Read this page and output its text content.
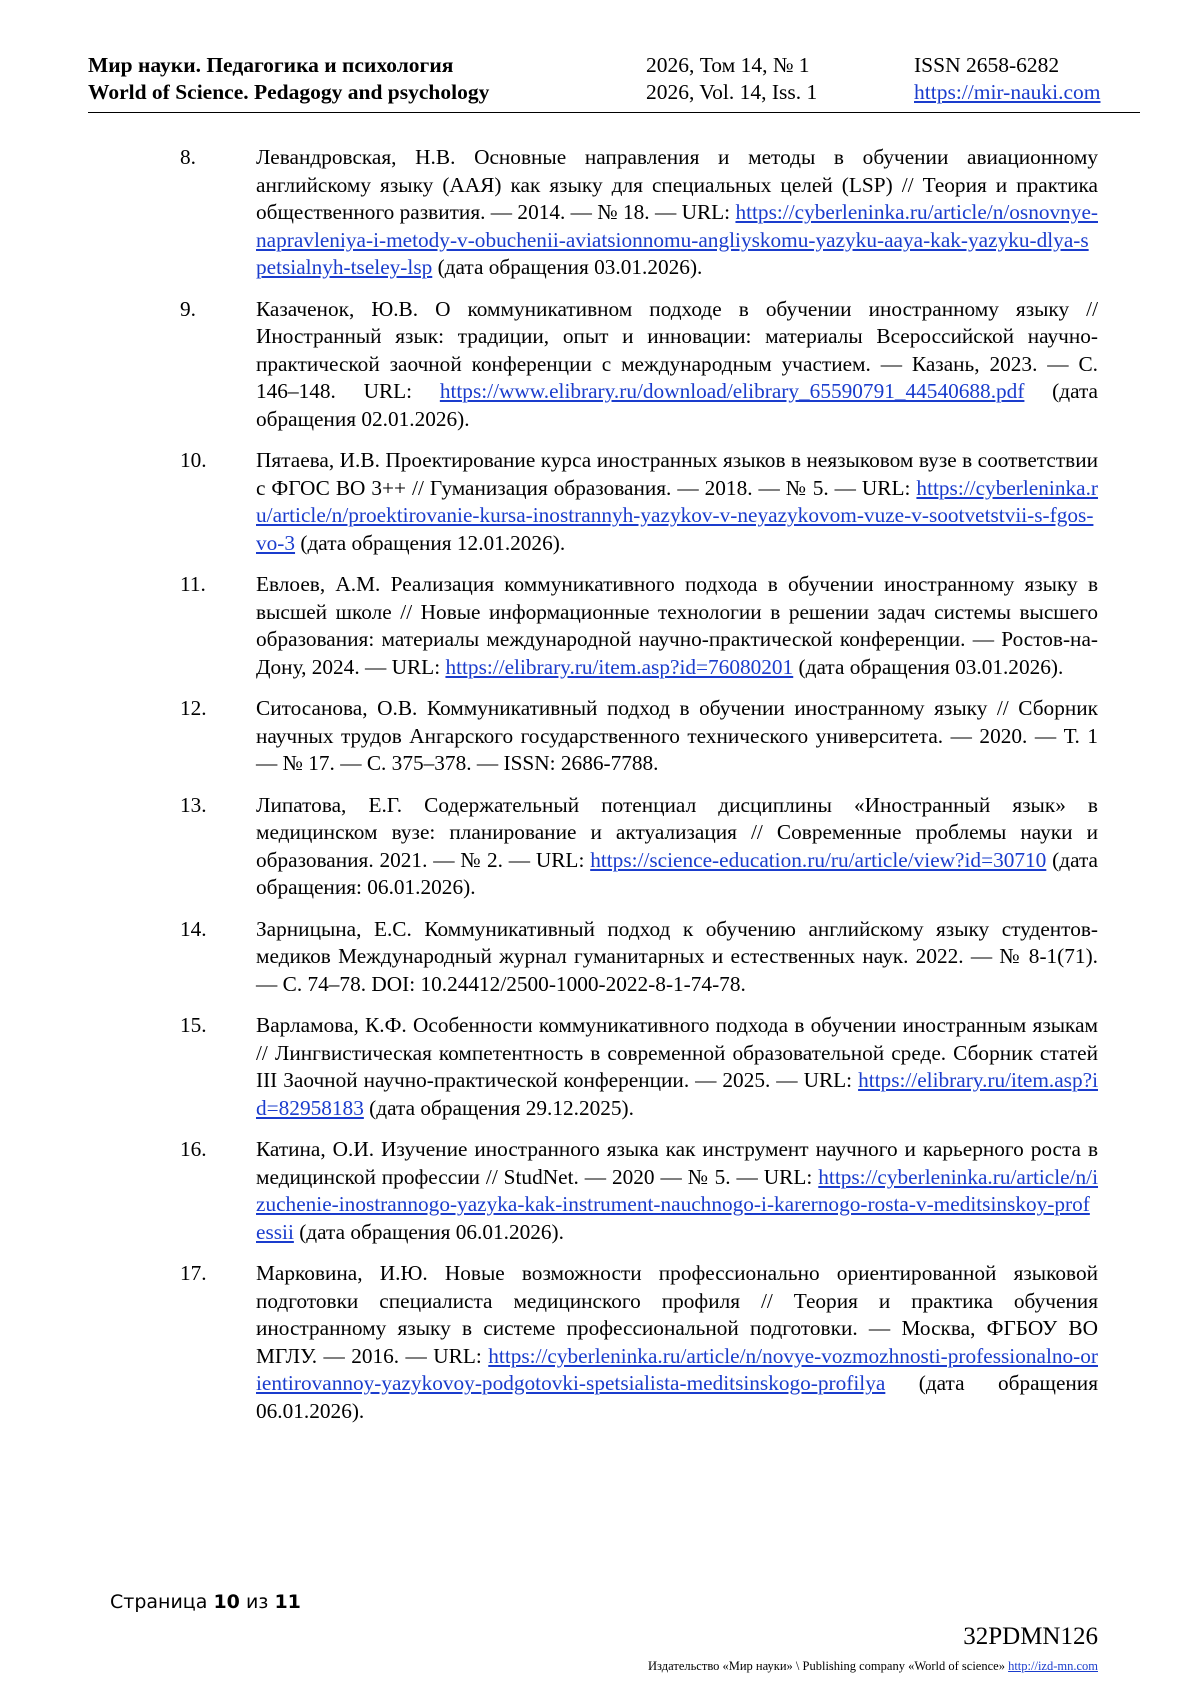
Мир науки. Педагогика и психология
World of Science. Pedagogy and psychology
2026, Том 14, № 1
2026, Vol. 14, Iss. 1
ISSN 2658-6282
https://mir-nauki.com
8.	Левандровская, Н.В. Основные направления и методы в обучении авиационному английскому языку (ААЯ) как языку для специальных целей (LSP) // Теория и практика общественного развития. — 2014. — № 18. — URL: https://cyberleninka.ru/article/n/osnovnye-napravleniya-i-metody-v-obuchenii-aviatsionnomu-angliyskomu-yazyku-aaya-kak-yazyku-dlya-spetsialnyh-tseley-lsp (дата обращения 03.01.2026).
9.	Казаченок, Ю.В. О коммуникативном подходе в обучении иностранному языку // Иностранный язык: традиции, опыт и инновации: материалы Всероссийской научно-практической заочной конференции с международным участием. — Казань, 2023. — С. 146–148. URL: https://www.elibrary.ru/download/elibrary_65590791_44540688.pdf (дата обращения 02.01.2026).
10. Пятаева, И.В. Проектирование курса иностранных языков в неязыковом вузе в соответствии с ФГОС ВО 3++ // Гуманизация образования. — 2018. — № 5. — URL: https://cyberleninka.ru/article/n/proektirovanie-kursa-inostrannyh-yazykov-v-neyazykovom-vuze-v-sootvetstvii-s-fgos-vo-3 (дата обращения 12.01.2026).
11. Евлоев, А.М. Реализация коммуникативного подхода в обучении иностранному языку в высшей школе // Новые информационные технологии в решении задач системы высшего образования: материалы международной научно-практической конференции. — Ростов-на-Дону, 2024. — URL: https://elibrary.ru/item.asp?id=76080201 (дата обращения 03.01.2026).
12. Ситосанова, О.В. Коммуникативный подход в обучении иностранному языку // Сборник научных трудов Ангарского государственного технического университета. — 2020. — Т. 1 — № 17. — С. 375–378. — ISSN: 2686-7788.
13. Липатова, Е.Г. Содержательный потенциал дисциплины «Иностранный язык» в медицинском вузе: планирование и актуализация // Современные проблемы науки и образования. 2021. — № 2. — URL: https://science-education.ru/ru/article/view?id=30710 (дата обращения: 06.01.2026).
14. Зарницына, Е.С. Коммуникативный подход к обучению английскому языку студентов-медиков Международный журнал гуманитарных и естественных наук. 2022. — № 8-1(71). — С. 74–78. DOI: 10.24412/2500-1000-2022-8-1-74-78.
15. Варламова, К.Ф. Особенности коммуникативного подхода в обучении иностранным языкам // Лингвистическая компетентность в современной образовательной среде. Сборник статей III Заочной научно-практической конференции. — 2025. — URL: https://elibrary.ru/item.asp?id=82958183 (дата обращения 29.12.2025).
16. Катина, О.И. Изучение иностранного языка как инструмент научного и карьерного роста в медицинской профессии // StudNet. — 2020 — № 5. — URL: https://cyberleninka.ru/article/n/izuchenie-inostrannogo-yazyka-kak-instrument-nauchnogo-i-karernogo-rosta-v-meditsinskoy-professii (дата обращения 06.01.2026).
17. Марковина, И.Ю. Новые возможности профессионально ориентированной языковой подготовки специалиста медицинского профиля // Теория и практика обучения иностранному языку в системе профессиональной подготовки. — Москва, ФГБОУ ВО МГЛУ. — 2016. — URL: https://cyberleninka.ru/article/n/novye-vozmozhnosti-professionalno-orientirovannoy-yazykovoy-podgotovki-spetsialista-meditsinskogo-profilya (дата обращения 06.01.2026).
Страница 10 из 11
32PDMN126
Издательство «Мир науки» \ Publishing company «World of science» http://izd-mn.com
